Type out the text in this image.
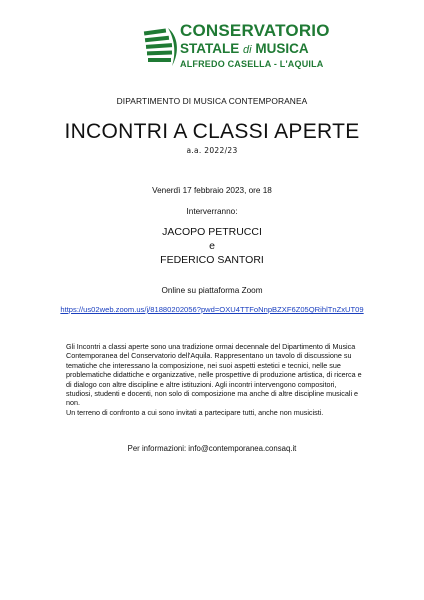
CONSERVATORIO
STATALE di MUSICA
ALFREDO CASELLA - L'AQUILA
DIPARTIMENTO DI MUSICA CONTEMPORANEA
INCONTRI A CLASSI APERTE
a.a. 2022/23
Venerdì 17 febbraio 2023, ore 18
Interverranno:
JACOPO PETRUCCI
e
FEDERICO SANTORI
Online su piattaforma Zoom
https://us02web.zoom.us/j/81880202056?pwd=OXU4TTFoNnpBZXF6Z05QRihlTnZxUT09
Gli Incontri a classi aperte sono una tradizione ormai decennale del Dipartimento di Musica Contemporanea del Conservatorio dell'Aquila. Rappresentano un tavolo di discussione su tematiche che interessano la composizione, nei suoi aspetti estetici e tecnici, nelle sue problematiche didattiche e organizzative, nelle prospettive di produzione artistica, di ricerca e di dialogo con altre discipline e altre istituzioni. Agli incontri intervengono compositori, studiosi, studenti e docenti, non solo di composizione ma anche di altre discipline musicali e non.
Un terreno di confronto a cui sono invitati a partecipare tutti, anche non musicisti.
Per informazioni: info@contemporanea.consaq.it
